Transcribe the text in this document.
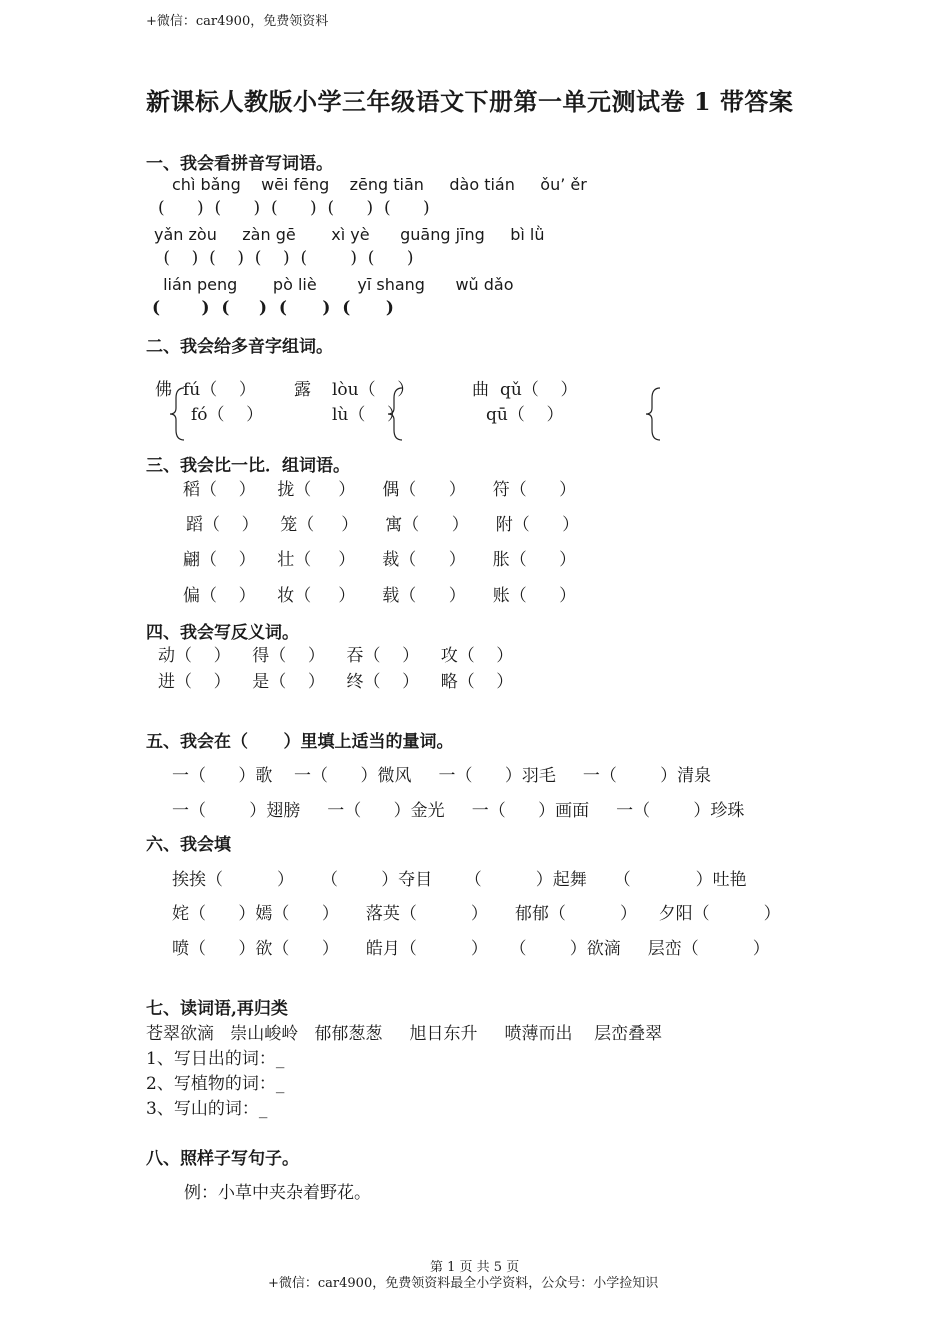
+微信：car4900，免费领资料
新课标人教版小学三年级语文下册第一单元测试卷 1 带答案
一、我会看拼音写词语。
chì bǎng    wēi fēng    zēng tiān     dào tián     ǒu’ ěr
(      )  (      )  (      )  (      )  (      )
yǎn zòu     zàn gē       xì yè      guāng jīng     bì lǜ
(    )  (    )  (    )  (        )  (      )
lián peng       pò liè        yī shang      wǔ dǎo
(       )  (     )  (      )  (      )
二、我会给多音字组词。
佛 fú（    ）
fó（    ）
露 lòu（    ）
lù（    ）
曲 qǔ（    ）
qū（    ）
三、我会比一比．组词语。
稻（    ）    拢（     ）     偶（      ）     符（      ）
蹈（    ）    笼（     ）     寓（      ）     附（      ）
翩（    ）    壮（     ）     裁（      ）     胀（      ）
偏（    ）    妆（     ）     载（      ）     账（      ）
四、我会写反义词。
动（    ）    得（    ）    吞（    ）    攻（    ）
进（    ）    是（    ）    终（    ）    略（    ）
五、我会在（      ）里填上适当的量词。
一（      ）歌    一（      ）微风     一（      ）羽毛     一（        ）清泉
一（        ）翅膀     一（      ）金光     一（      ）画面     一（        ）珍珠
六、我会填
挨挨（          ）     （        ）夺目      （          ）起舞     （            ）吐艳
姹（      ）嫣（      ）     落英（          ）     郁郁（          ）    夕阳（          ）
喷（      ）欲（      ）     皓月（          ）    （        ）欲滴     层峦（          ）
七、读词语,再归类
苍翠欲滴   崇山峻岭   郁郁葱葱     旭日东升     喷薄而出    层峦叠翠
1、写日出的词：_
2、写植物的词：_
3、写山的词：_
八、照样子写句子。
例：小草中夹杂着野花。
第 1 页 共 5 页
+微信：car4900，免费领资料最全小学资料，公众号：小学捡知识
